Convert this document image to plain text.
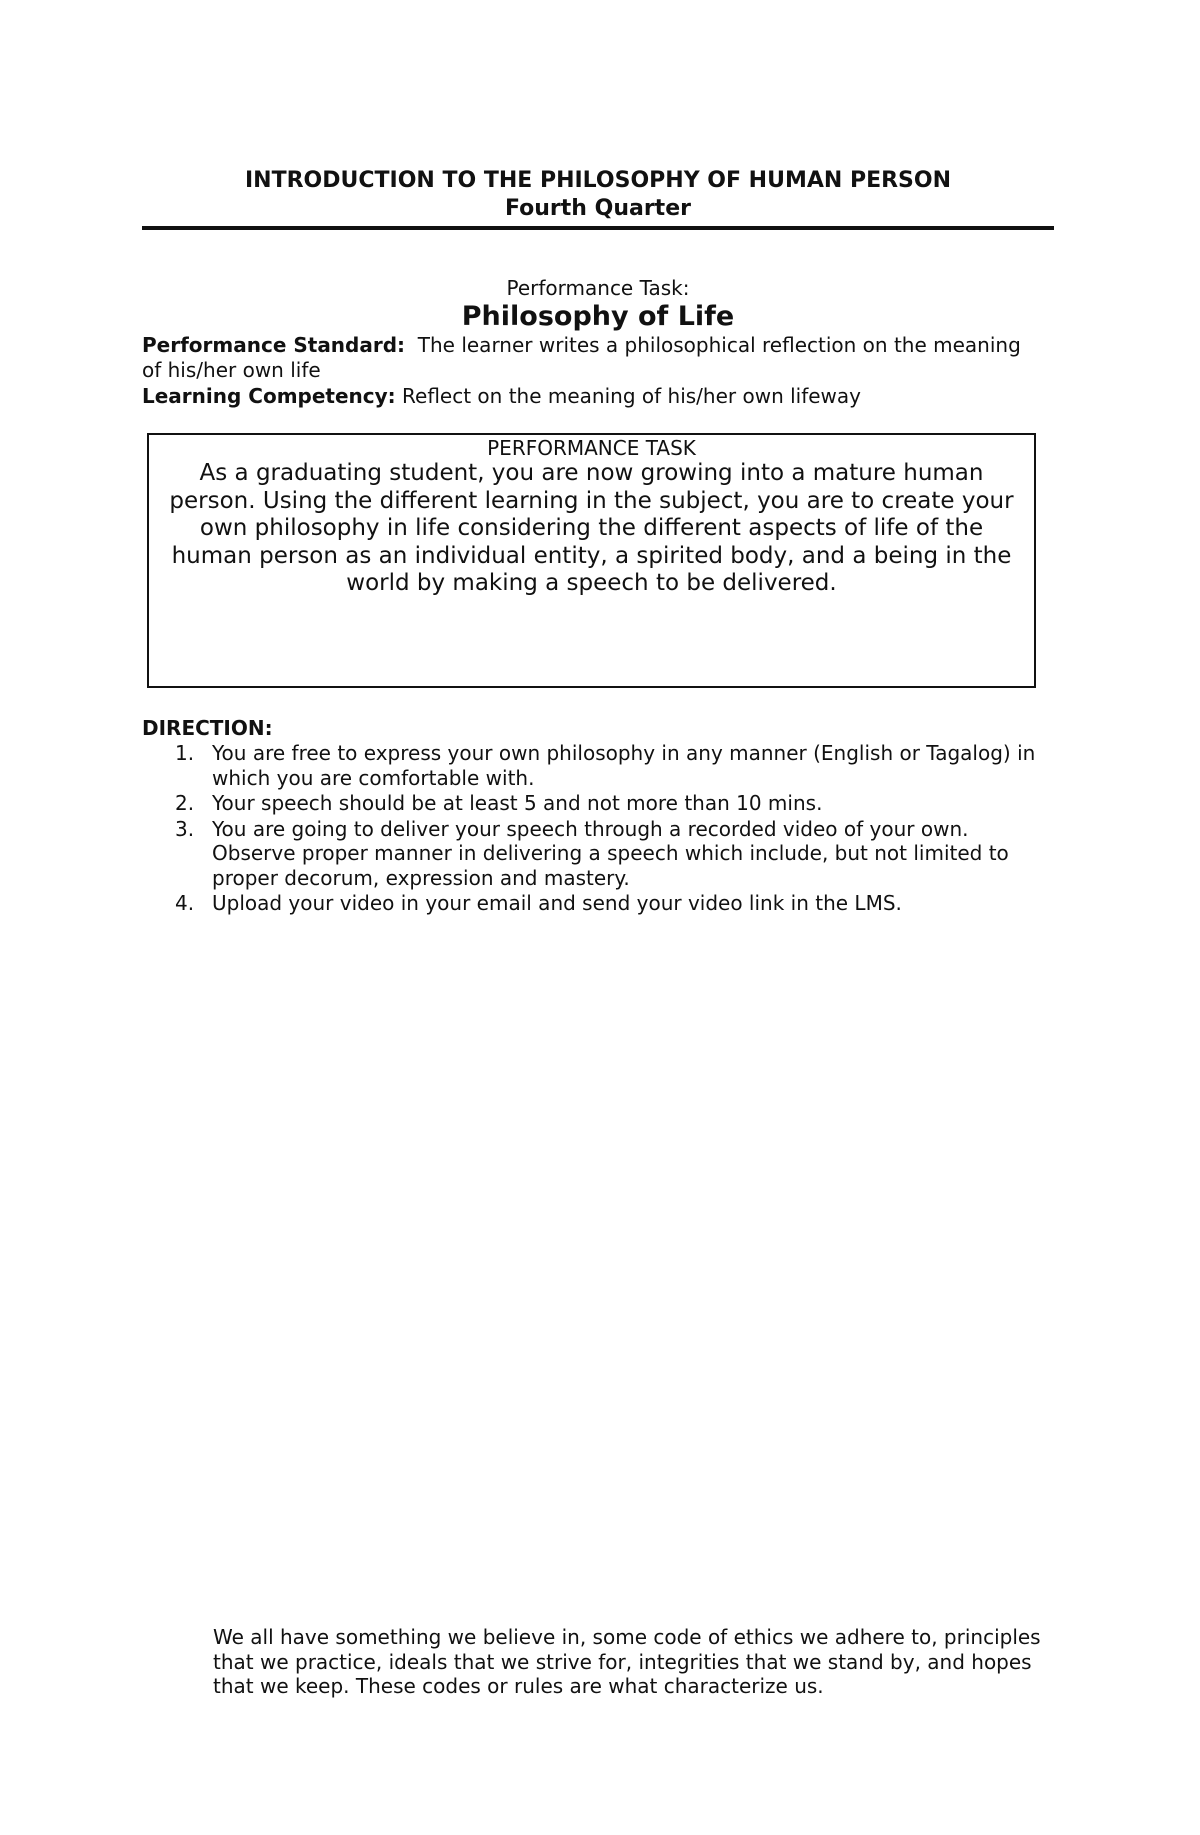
INTRODUCTION TO THE PHILOSOPHY OF HUMAN PERSON
Fourth Quarter
Performance Task:
Philosophy of Life
Performance Standard: The learner writes a philosophical reflection on the meaning of his/her own life
Learning Competency: Reflect on the meaning of his/her own lifeway
PERFORMANCE TASK
As a graduating student, you are now growing into a mature human person. Using the different learning in the subject, you are to create your own philosophy in life considering the different aspects of life of the human person as an individual entity, a spirited body, and a being in the world by making a speech to be delivered.
DIRECTION:
1. You are free to express your own philosophy in any manner (English or Tagalog) in which you are comfortable with.
2. Your speech should be at least 5 and not more than 10 mins.
3. You are going to deliver your speech through a recorded video of your own. Observe proper manner in delivering a speech which include, but not limited to proper decorum, expression and mastery.
4. Upload your video in your email and send your video link in the LMS.
We all have something we believe in, some code of ethics we adhere to, principles that we practice, ideals that we strive for, integrities that we stand by, and hopes that we keep. These codes or rules are what characterize us.
